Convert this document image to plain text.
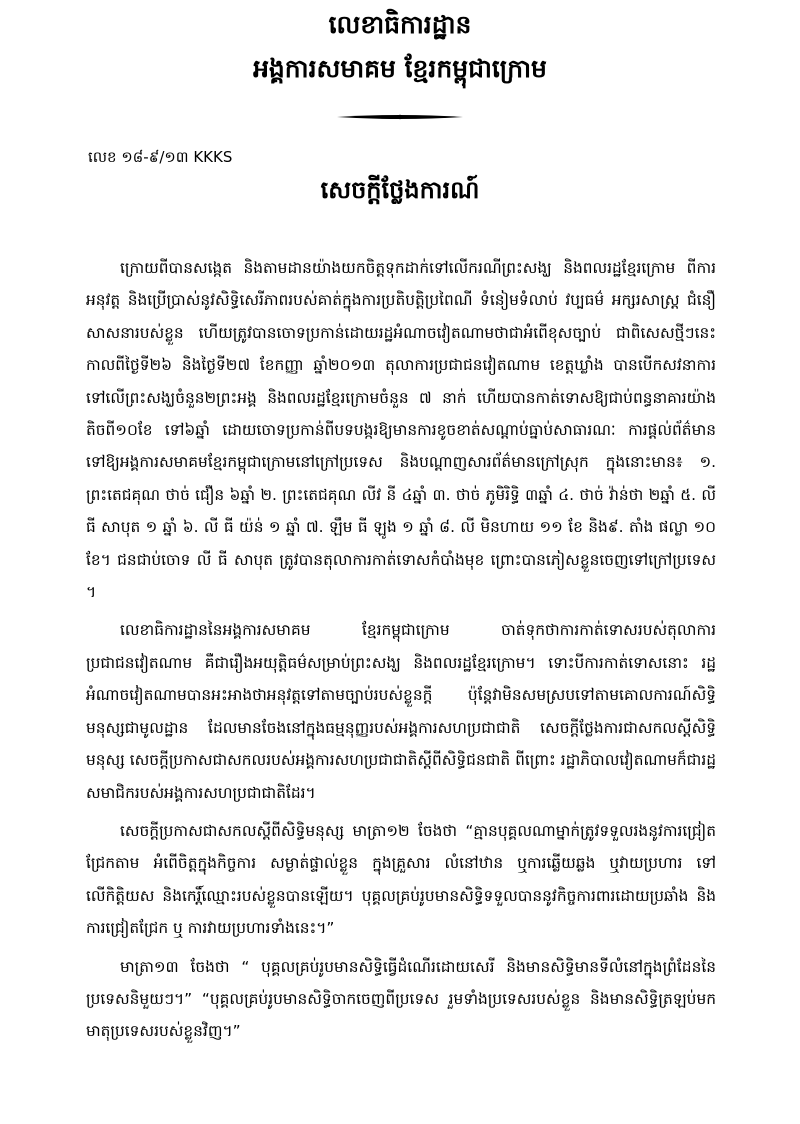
លេខាធិការដ្ឋាន
អង្គការសមាគម ខ្មែរកម្ពុជាក្រោម
លេខ ១៨-៩/១៣ KKKS
សេចក្តីថ្លែងការណ៍

ក្រោយពីបានសង្កេត និងតាមដានយ៉ាងយកចិត្តទុកដាក់ទៅលើករណីព្រះសង្ឃ និងពលរដ្ឋខ្មែរក្រោម ពីការអនុវត្ត និងប្រើប្រាស់នូវសិទ្ធិសេរីភាពរបស់គាត់ក្នុងការប្រតិបត្តិប្រពៃណី ទំនៀមទំលាប់ វប្បធម៌ អក្សរសាស្ត្រ ជំនឿសាសនារបស់ខ្លួន ហើយត្រូវបានចោទប្រកាន់ដោយរដ្ឋអំណាចវៀតណាមថាជាអំពើខុសច្បាប់ ជាពិសេសថ្មីៗនេះ កាលពីថ្ងៃទី២៦ និងថ្ងៃទី២៧ ខែកញ្ញា ឆ្នាំ២០១៣ តុលាការប្រជាជនវៀតណាម ខេត្តឃ្លាំង បានបើកសវនាការទៅលើព្រះសង្ឃចំនួន២ព្រះអង្គ និងពលរដ្ឋខ្មែរក្រោមចំនួន ៧ នាក់ ហើយបានកាត់ទោសឱ្យជាប់ពន្ធនាគារយ៉ាងតិចពី១០ខែ ទៅ៦ឆ្នាំ ដោយចោទប្រកាន់ពីបទបង្ករឱ្យមានការខូចខាត់សណ្តាប់ធ្នាប់សាធារណៈ ការផ្តល់ព័ត៌មានទៅឱ្យអង្គការសមាគមខ្មែរកម្ពុជាក្រោមនៅក្រៅប្រទេស និងបណ្តាញសារព័ត៌មានក្រៅស្រុក ក្នុងនោះមាន៖ ១. ព្រះតេជគុណ ថាច់ ជឿន ៦ឆ្នាំ ២. ព្រះតេជគុណ លីវ នី ៤ឆ្នាំ ៣. ថាច់ ភូមិរិទ្ធិ ៣ឆ្នាំ ៤. ថាច់ វ៉ាន់ថា ២ឆ្នាំ ៥. លី ធី សាបុត ១ ឆ្នាំ ៦. លី ធី យ៉ន់ ១ ឆ្នាំ ៧. ឡឹម ធី ឡូង ១ ឆ្នាំ ៨. លី មិនហាយ ១១ ខែ និង៩. តាំង ផល្លា ១០ ខែ។ ជនជាប់ចោទ លី ធី សាបុត ត្រូវបានតុលាការកាត់ទោសកំបាំងមុខ ព្រោះបានភៀសខ្លួនចេញទៅក្រៅប្រទេស ។

លេខាធិការដ្ឋាននៃអង្គការសមាគម ខ្មែរកម្ពុជាក្រោម ចាត់ទុកថាការកាត់ទោសរបស់តុលាការប្រជាជនវៀតណាម គឺជារឿងអយុត្តិធម៌សម្រាប់ព្រះសង្ឃ និងពលរដ្ឋខ្មែរក្រោម។ ទោះបីការកាត់ទោសនោះ រដ្ឋអំណាចវៀតណាមបានអះអាងថាអនុវត្តទៅតាមច្បាប់របស់ខ្លួនក្តី ប៉ុន្តែវាមិនសមស្របទៅតាមគោលការណ៍សិទ្ធិមនុស្សជាមូលដ្ឋាន ដែលមានចែងនៅក្នុងធម្មនុញ្ញរបស់អង្គការសហប្រជាជាតិ សេចក្តីថ្លែងការជាសកលស្តីសិទ្ធិមនុស្ស សេចក្តីប្រកាសជាសកលរបស់អង្គការសហប្រជាជាតិស្តីពីសិទ្ធិជនជាតិ ពីព្រោះ រដ្ឋាភិបាលវៀតណាមក៏ជារដ្ឋសមាជិករបស់អង្គការសហប្រជាជាតិដែរ។

សេចក្តីប្រកាសជាសកលស្តីពីសិទ្ធិមនុស្ស មាត្រា១២ ចែងថា “គ្មានបុគ្គលណាម្នាក់ត្រូវទទួលរងនូវការជ្រៀតជ្រែកតាម អំពើចិត្តក្នុងកិច្ចការ សម្ងាត់ផ្ទាល់ខ្លួន ក្នុងគ្រួសារ លំនៅឋាន ឬការឆ្លើយឆ្លង ឬវាយប្រហារ ទៅលើកិត្តិយស និងកេរ្តិ៍ឈ្មោះរបស់ខ្លួនបានឡើយ។ បុគ្គលគ្រប់រូបមានសិទ្ធិទទួលបាននូវកិច្ចការពារដោយប្រឆាំង និងការជ្រៀតជ្រែក ឬ ការវាយប្រហារទាំងនេះ។”

មាត្រា១៣ ចែងថា “ បុគ្គលគ្រប់រូបមានសិទ្ធិធ្វើដំណើរដោយសេរី និងមានសិទ្ធិមានទីលំនៅក្នុងព្រំដែននៃប្រទេសនិមួយៗ។” “បុគ្គលគ្រប់រូបមានសិទ្ធិចាកចេញពីប្រទេស រួមទាំងប្រទេសរបស់ខ្លួន និងមានសិទ្ធិត្រឡប់មកមាតុប្រទេសរបស់ខ្លួនវិញ។”
